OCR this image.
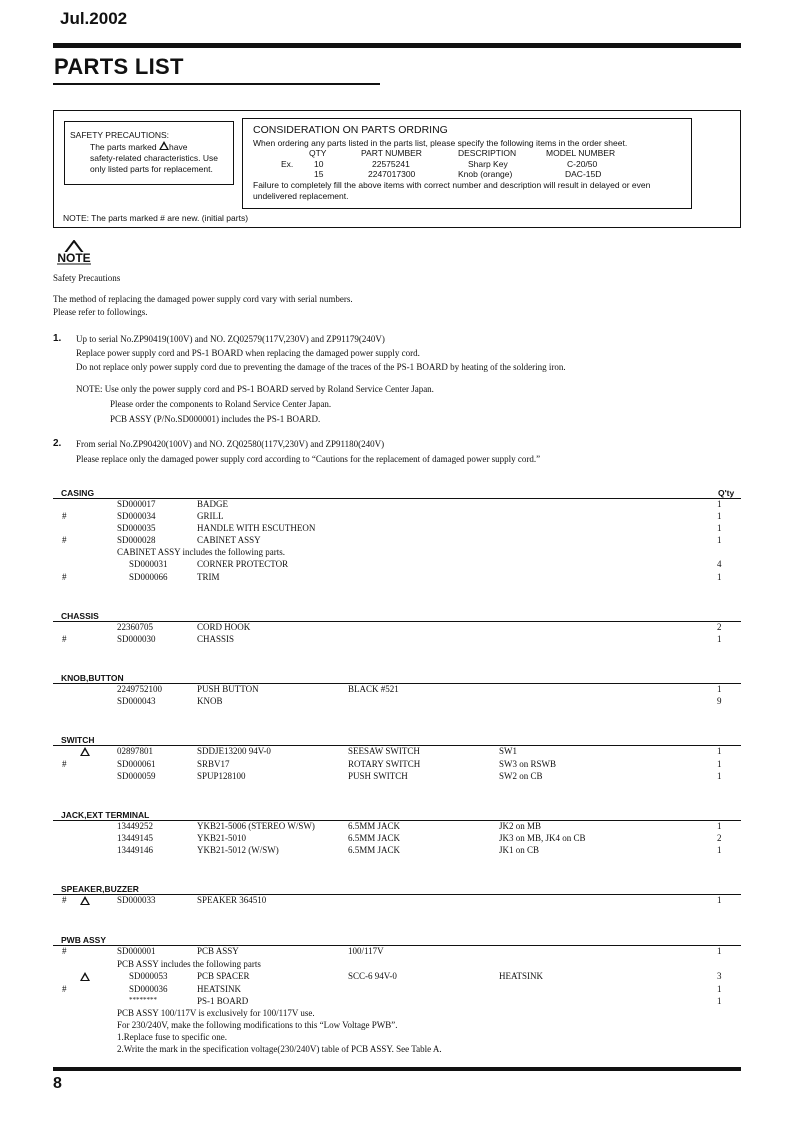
Jul.2002
PARTS LIST
SAFETY PRECAUTIONS:
The parts marked have
safety-related characteristics. Use
only listed parts for replacement.
CONSIDERATION ON PARTS ORDRING
When ordering any parts listed in the parts list, please specify the following items in the order sheet.
QTY	PART NUMBER	DESCRIPTION	MODEL NUMBER
Ex. 10	22575241	Sharp Key	C-20/50
15	2247017300	Knob (orange)	DAC-15D
Failure to completely fill the above items with correct number and description will result in delayed or even
undelivered replacement.
NOTE: The parts marked # are new. (initial parts)
NOTE
Safety Precautions
The method of replacing the damaged power supply cord vary with serial numbers.
Please refer to followings.
1. Up to serial No.ZP90419(100V) and NO. ZQ02579(117V,230V) and ZP91179(240V)
Replace power supply cord and PS-1 BOARD when replacing the damaged power supply cord.
Do not replace only power supply cord due to preventing the damage of the traces of the PS-1 BOARD by heating of the soldering iron.
NOTE: Use only the power supply cord and PS-1 BOARD served by Roland Service Center Japan.
Please order the components to Roland Service Center Japan.
PCB ASSY (P/No.SD000001) includes the PS-1 BOARD.
2. From serial No.ZP90420(100V) and NO. ZQ02580(117V,230V) and ZP91180(240V)
Please replace only the damaged power supply cord according to “Cautions for the replacement of damaged power supply cord.”
CASING	Q'ty
SD000017	BADGE	1
#	SD000034	GRILL	1
SD000035	HANDLE WITH ESCUTHEON	1
#	SD000028	CABINET ASSY	1
CABINET ASSY includes the following parts.
SD000031	CORNER PROTECTOR	4
#	SD000066	TRIM	1
CHASSIS
22360705	CORD HOOK	2
#	SD000030	CHASSIS	1
KNOB,BUTTON
2249752100	PUSH BUTTON	BLACK #521	1
SD000043	KNOB	9
SWITCH
02897801	SDDJE13200 94V-0	SEESAW SWITCH	SW1	1
#	SD000061	SRBV17	ROTARY SWITCH	SW3 on RSWB	1
SD000059	SPUP128100	PUSH SWITCH	SW2 on CB	1
JACK,EXT TERMINAL
13449252	YKB21-5006 (STEREO W/SW)	6.5MM JACK	JK2 on MB	1
13449145	YKB21-5010	6.5MM JACK	JK3 on MB, JK4 on CB	2
13449146	YKB21-5012 (W/SW)	6.5MM JACK	JK1 on CB	1
SPEAKER,BUZZER
#	SD000033	SPEAKER 364510	1
PWB ASSY
#	SD000001	PCB ASSY	100/117V	1
PCB ASSY includes the following parts
SD000053	PCB SPACER	SCC-6 94V-0	HEATSINK	3
#	SD000036	HEATSINK	1
********	PS-1 BOARD	1
PCB ASSY 100/117V is exclusively for 100/117V use.
For 230/240V, make the following modifications to this “Low Voltage PWB”.
1.Replace fuse to specific one.
2.Write the mark in the specification voltage(230/240V) table of PCB ASSY. See Table A.
8
